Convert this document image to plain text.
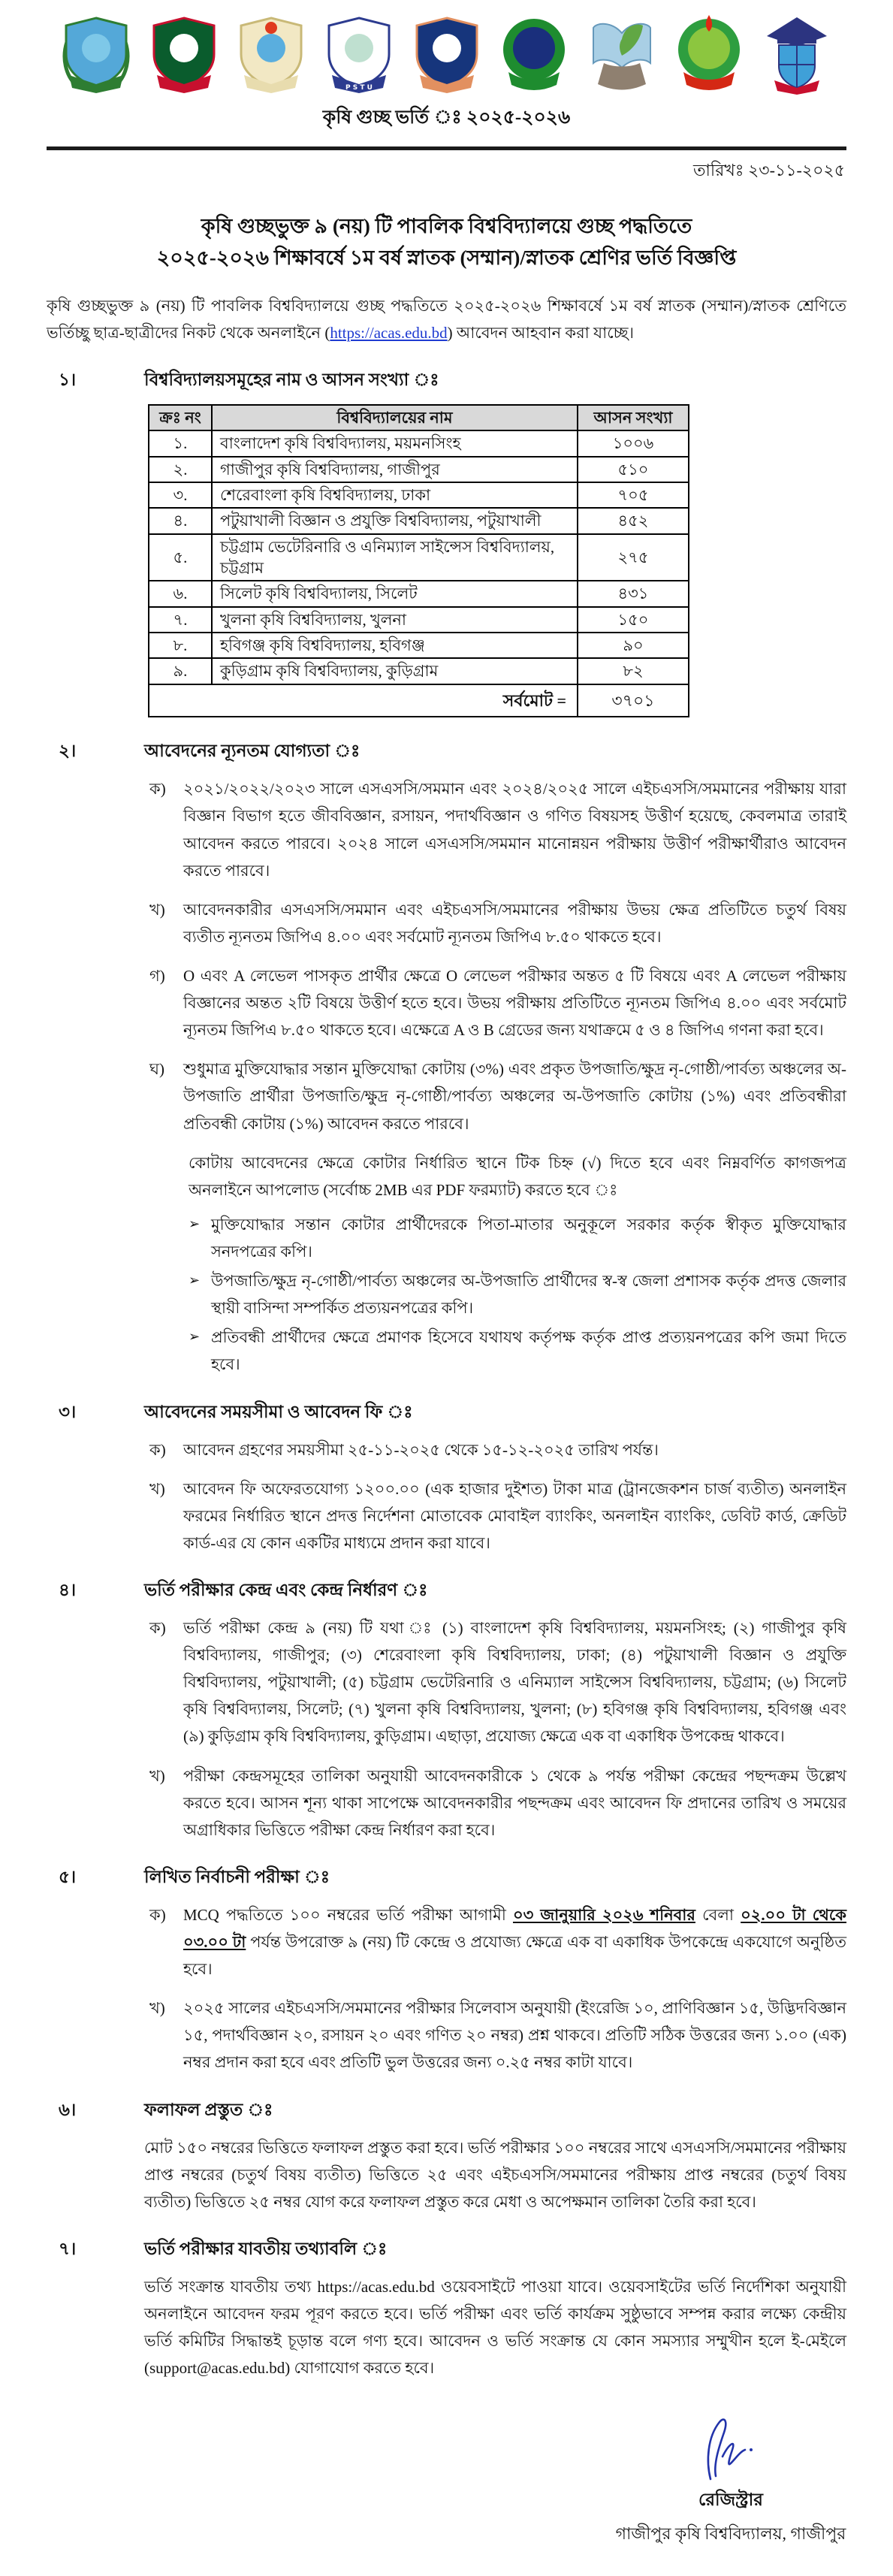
P S T U
কৃষি গুচ্ছ ভর্তি ঃ ২০২৫-২০২৬
তারিখঃ ২৩-১১-২০২৫
কৃষি গুচ্ছভুক্ত ৯ (নয়) টি পাবলিক বিশ্ববিদ্যালয়ে গুচ্ছ পদ্ধতিতে
২০২৫-২০২৬ শিক্ষাবর্ষে ১ম বর্ষ স্নাতক (সম্মান)/স্নাতক শ্রেণির ভর্তি বিজ্ঞপ্তি

কৃষি গুচ্ছভুক্ত ৯ (নয়) টি পাবলিক বিশ্ববিদ্যালয়ে গুচ্ছ পদ্ধতিতে ২০২৫-২০২৬ শিক্ষাবর্ষে ১ম বর্ষ স্নাতক (সম্মান)/স্নাতক শ্রেণিতে ভর্তিচ্ছু ছাত্র-ছাত্রীদের নিকট থেকে অনলাইনে (https://acas.edu.bd) আবেদন আহবান করা যাচ্ছে।

১।	বিশ্ববিদ্যালয়সমূহের নাম ও আসন সংখ্যা ঃ
ক্রঃ নং	বিশ্ববিদ্যালয়ের নাম	আসন সংখ্যা
১.	বাংলাদেশ কৃষি বিশ্ববিদ্যালয়, ময়মনসিংহ	১০০৬
২.	গাজীপুর কৃষি বিশ্ববিদ্যালয়, গাজীপুর	৫১০
৩.	শেরেবাংলা কৃষি বিশ্ববিদ্যালয়, ঢাকা	৭০৫
৪.	পটুয়াখালী বিজ্ঞান ও প্রযুক্তি বিশ্ববিদ্যালয়, পটুয়াখালী	৪৫২
৫.	চট্টগ্রাম ভেটেরিনারি ও এনিম্যাল সাইন্সেস বিশ্ববিদ্যালয়, চট্টগ্রাম	২৭৫
৬.	সিলেট কৃষি বিশ্ববিদ্যালয়, সিলেট	৪৩১
৭.	খুলনা কৃষি বিশ্ববিদ্যালয়, খুলনা	১৫০
৮.	হবিগঞ্জ কৃষি বিশ্ববিদ্যালয়, হবিগঞ্জ	৯০
৯.	কুড়িগ্রাম কৃষি বিশ্ববিদ্যালয়, কুড়িগ্রাম	৮২
সর্বমোট =		৩৭০১
২।	আবেদনের ন্যূনতম যোগ্যতা ঃ
ক)	২০২১/২০২২/২০২৩ সালে এসএসসি/সমমান এবং ২০২৪/২০২৫ সালে এইচএসসি/সমমানের পরীক্ষায় যারা বিজ্ঞান বিভাগ হতে জীববিজ্ঞান, রসায়ন, পদার্থবিজ্ঞান ও গণিত বিষয়সহ উত্তীর্ণ হয়েছে, কেবলমাত্র তারাই আবেদন করতে পারবে। ২০২৪ সালে এসএসসি/সমমান মানোন্নয়ন পরীক্ষায় উত্তীর্ণ পরীক্ষার্থীরাও আবেদন করতে পারবে।
খ)	আবেদনকারীর এসএসসি/সমমান এবং এইচএসসি/সমমানের পরীক্ষায় উভয় ক্ষেত্র প্রতিটিতে চতুর্থ বিষয় ব্যতীত ন্যূনতম জিপিএ ৪.০০ এবং সর্বমোট ন্যূনতম জিপিএ ৮.৫০ থাকতে হবে।
গ)	O এবং A লেভেল পাসকৃত প্রার্থীর ক্ষেত্রে O লেভেল পরীক্ষার অন্তত ৫ টি বিষয়ে এবং A লেভেল পরীক্ষায় বিজ্ঞানের অন্তত ২টি বিষয়ে উত্তীর্ণ হতে হবে। উভয় পরীক্ষায় প্রতিটিতে ন্যূনতম জিপিএ ৪.০০ এবং সর্বমোট ন্যূনতম জিপিএ ৮.৫০ থাকতে হবে। এক্ষেত্রে A ও B গ্রেডের জন্য যথাক্রমে ৫ ও ৪ জিপিএ গণনা করা হবে।
ঘ)	শুধুমাত্র মুক্তিযোদ্ধার সন্তান মুক্তিযোদ্ধা কোটায় (৩%) এবং প্রকৃত উপজাতি/ক্ষুদ্র নৃ-গোষ্ঠী/পার্বত্য অঞ্চলের অ-উপজাতি প্রার্থীরা উপজাতি/ক্ষুদ্র নৃ-গোষ্ঠী/পার্বত্য অঞ্চলের অ-উপজাতি কোটায় (১%) এবং প্রতিবন্ধীরা প্রতিবন্ধী কোটায় (১%) আবেদন করতে পারবে।

কোটায় আবেদনের ক্ষেত্রে কোটার নির্ধারিত স্থানে টিক চিহ্ন (√) দিতে হবে এবং নিম্নবর্ণিত কাগজপত্র অনলাইনে আপলোড (সর্বোচ্চ 2MB এর PDF ফরম্যাট) করতে হবে ঃ

➢ মুক্তিযোদ্ধার সন্তান কোটার প্রার্থীদেরকে পিতা-মাতার অনুকূলে সরকার কর্তৃক স্বীকৃত মুক্তিযোদ্ধার সনদপত্রের কপি।
➢ উপজাতি/ক্ষুদ্র নৃ-গোষ্ঠী/পার্বত্য অঞ্চলের অ-উপজাতি প্রার্থীদের স্ব-স্ব জেলা প্রশাসক কর্তৃক প্রদত্ত জেলার স্থায়ী বাসিন্দা সম্পর্কিত প্রত্যয়নপত্রের কপি।
➢ প্রতিবন্ধী প্রার্থীদের ক্ষেত্রে প্রমাণক হিসেবে যথাযথ কর্তৃপক্ষ কর্তৃক প্রাপ্ত প্রত্যয়নপত্রের কপি জমা দিতে হবে।
৩।	আবেদনের সময়সীমা ও আবেদন ফি ঃ
ক)	আবেদন গ্রহণের সময়সীমা ২৫-১১-২০২৫ থেকে ১৫-১২-২০২৫ তারিখ পর্যন্ত।
খ)	আবেদন ফি অফেরতযোগ্য ১২০০.০০ (এক হাজার দুইশত) টাকা মাত্র (ট্রানজেকশন চার্জ ব্যতীত) অনলাইন ফরমের নির্ধারিত স্থানে প্রদত্ত নির্দেশনা মোতাবেক মোবাইল ব্যাংকিং, অনলাইন ব্যাংকিং, ডেবিট কার্ড, ক্রেডিট কার্ড-এর যে কোন একটির মাধ্যমে প্রদান করা যাবে।
৪।	ভর্তি পরীক্ষার কেন্দ্র এবং কেন্দ্র নির্ধারণ ঃ
ক)	ভর্তি পরীক্ষা কেন্দ্র ৯ (নয়) টি যথা ঃ (১) বাংলাদেশ কৃষি বিশ্ববিদ্যালয়, ময়মনসিংহ; (২) গাজীপুর কৃষি বিশ্ববিদ্যালয়, গাজীপুর; (৩) শেরেবাংলা কৃষি বিশ্ববিদ্যালয়, ঢাকা; (৪) পটুয়াখালী বিজ্ঞান ও প্রযুক্তি বিশ্ববিদ্যালয়, পটুয়াখালী; (৫) চট্টগ্রাম ভেটেরিনারি ও এনিম্যাল সাইন্সেস বিশ্ববিদ্যালয়, চট্টগ্রাম; (৬) সিলেট কৃষি বিশ্ববিদ্যালয়, সিলেট; (৭) খুলনা কৃষি বিশ্ববিদ্যালয়, খুলনা; (৮) হবিগঞ্জ কৃষি বিশ্ববিদ্যালয়, হবিগঞ্জ এবং (৯) কুড়িগ্রাম কৃষি বিশ্ববিদ্যালয়, কুড়িগ্রাম। এছাড়া, প্রযোজ্য ক্ষেত্রে এক বা একাধিক উপকেন্দ্র থাকবে।
খ)	পরীক্ষা কেন্দ্রসমূহের তালিকা অনুযায়ী আবেদনকারীকে ১ থেকে ৯ পর্যন্ত পরীক্ষা কেন্দ্রের পছন্দক্রম উল্লেখ করতে হবে। আসন শূন্য থাকা সাপেক্ষে আবেদনকারীর পছন্দক্রম এবং আবেদন ফি প্রদানের তারিখ ও সময়ের অগ্রাধিকার ভিত্তিতে পরীক্ষা কেন্দ্র নির্ধারণ করা হবে।
৫।	লিখিত নির্বাচনী পরীক্ষা ঃ
ক)	MCQ পদ্ধতিতে ১০০ নম্বরের ভর্তি পরীক্ষা আগামী ০৩ জানুয়ারি ২০২৬ শনিবার বেলা ০২.০০ টা থেকে ০৩.০০ টা পর্যন্ত উপরোক্ত ৯ (নয়) টি কেন্দ্রে ও প্রযোজ্য ক্ষেত্রে এক বা একাধিক উপকেন্দ্রে একযোগে অনুষ্ঠিত হবে।
খ)	২০২৫ সালের এইচএসসি/সমমানের পরীক্ষার সিলেবাস অনুযায়ী (ইংরেজি ১০, প্রাণিবিজ্ঞান ১৫, উদ্ভিদবিজ্ঞান ১৫, পদার্থবিজ্ঞান ২০, রসায়ন ২০ এবং গণিত ২০ নম্বর) প্রশ্ন থাকবে। প্রতিটি সঠিক উত্তরের জন্য ১.০০ (এক) নম্বর প্রদান করা হবে এবং প্রতিটি ভুল উত্তরের জন্য ০.২৫ নম্বর কাটা যাবে।
৬।	ফলাফল প্রস্তুত ঃ

মোট ১৫০ নম্বরের ভিত্তিতে ফলাফল প্রস্তুত করা হবে। ভর্তি পরীক্ষার ১০০ নম্বরের সাথে এসএসসি/সমমানের পরীক্ষায় প্রাপ্ত নম্বরের (চতুর্থ বিষয় ব্যতীত) ভিত্তিতে ২৫ এবং এইচএসসি/সমমানের পরীক্ষায় প্রাপ্ত নম্বরের (চতুর্থ বিষয় ব্যতীত) ভিত্তিতে ২৫ নম্বর যোগ করে ফলাফল প্রস্তুত করে মেধা ও অপেক্ষমান তালিকা তৈরি করা হবে।

৭।	ভর্তি পরীক্ষার যাবতীয় তথ্যাবলি ঃ

ভর্তি সংক্রান্ত যাবতীয় তথ্য https://acas.edu.bd ওয়েবসাইটে পাওয়া যাবে। ওয়েবসাইটের ভর্তি নির্দেশিকা অনুযায়ী অনলাইনে আবেদন ফরম পূরণ করতে হবে। ভর্তি পরীক্ষা এবং ভর্তি কার্যক্রম সুষ্ঠুভাবে সম্পন্ন করার লক্ষ্যে কেন্দ্রীয় ভর্তি কমিটির সিদ্ধান্তই চূড়ান্ত বলে গণ্য হবে। আবেদন ও ভর্তি সংক্রান্ত যে কোন সমস্যার সম্মুখীন হলে ই-মেইলে (support@acas.edu.bd) যোগাযোগ করতে হবে।

রেজিস্ট্রার
গাজীপুর কৃষি বিশ্ববিদ্যালয়, গাজীপুর
